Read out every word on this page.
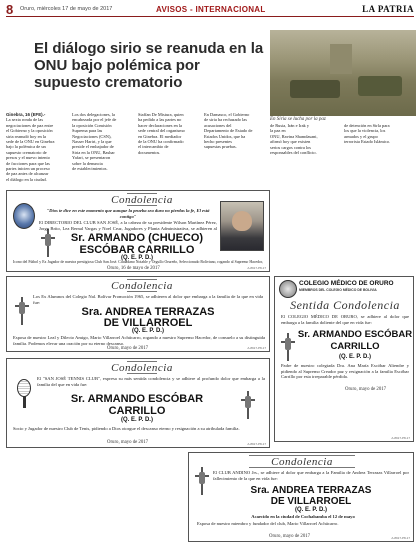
8 Oruro, miércoles 17 de mayo de 2017	AVISOS - INTERNACIONAL	LA PATRIA
El diálogo sirio se reanuda en la ONU bajo polémica por supuesto crematorio
En Siria se lucha por la paz
Ginebra, 16 (EFE).-
La sexta ronda de las
negociaciones de paz entre
el Gobierno y la oposición
siria reanudó hoy en la
sede de la ONU en Ginebra
bajo la polémica de un
supuesto crematorio de
presos y el nuevo intento
de facciones para que las
partes inicien un proceso
de paz antes de alcanzar
el diálogo en la ciudad.
Los dos delegaciones, la
encabezada por el jefe de
la oposición Comisión
Suprema para las
Negociaciones (CSN),
Nasser Hariri, y la que
preside el embajador de
Siria en la ONU, Bashar
Yafari, se presentaron
sobre la denuncia
de establecimientos.
Staffan De Mistura, quien
ha pedido a las partes no
hacer declaraciones en la
sede central del organismo
en Ginebra. El mediador
de la ONU ha confirmado
el intercambio de
documentos.
En Damasco, el Gobierno
de siria ha rechazado las
acusaciones del
Departamento de Estado de
Estados Unidos, que ha
hecho presentes
supuestas pruebas.
de Rusia, Irán e Irak y
la paz en
ONU, Ravina Shamdasani,
afirmó hoy que existen
serios cargos contra los
responsables del conflicto.
de detención en Sirla para
los que la violencia, los
armados y el grupo
terrorista Estado Islámico.
Condolencia
"Dios te dice en este momento que aunque la prueba sea dura no pierdas la fe, El está contigo"
El DIRECTORIO DEL CLUB SAN JOSÉ, a la cabeza de su presidente Wilson Martínez Pérez, Jorge Brito, Lea Bernal Vargas y Noel Cruz, Jugadores y Planta Administrativa, se adhieren al
Sr. ARMANDO (CHUECO) ESCÓBAR CARRILLO
(Q. E. P. D.)
Ícono del Fútbol y Ex Jugador de nuestra prestigiosa Club San José. Ciudadano Notable y Orgullo Orureño, Seleccionado Boliviano, rogando al Supremo Hacedor,
Oruro, 16 de mayo de 2017	A-8917-P8-17
Condolencia
Los Ex Alumnos del Colegio Nal. Bolívar Promoción 1965, se adhieren al dolor que embarga a la familia de la que en vida fue:
Sra. ANDREA TERRAZAS
DE VILLARROEL
(Q. E. P. D.)
Esposa de nuestro Leal y Dilecto Amigo, Mario Villarroel Achúcarro, rogando a nuestro Supremo Hacedor, de consuelo a su distinguida familia. Podemos elevar una oración por su eterno descanso.
Oruro, mayo de 2017	A-8917-P8-17
COLEGIO MÉDICO DE ORURO
MIEMBROS DEL COLEGIO MÉDICO DE BOLIVIA
Sentida Condolencia
El COLEGIO MÉDICO DE ORURO, se adhiere al dolor que embarga a la familia doliente del que en vida fue:
Sr. ARMANDO ESCÓBAR
CARRILLO
(Q. E. P. D.)
Padre de nuestro colegiada Dra. Ana María Escóbar Aliendre y pidiendo al Supremo Creador paz y resignación a la familia Escóbar Carrillo por esta irreparable pérdida.
Oruro, mayo de 2017
A-8917-P8-17
Condolencia
El "SAN JOSÉ TENNIS CLUB", expresa su más sentida condolencia y se adhiere al profundo dolor que embarga a la familia del que en vida fue:
Sr. ARMANDO ESCÓBAR
CARRILLO
(Q. E. P. D.)
Socio y Jugador de nuestro Club de Tenis, pidiendo a Dios otorgue el descanso eterno y resignación a su atribulada familia.
Oruro, mayo de 2017	A-8917-P8-17
Condolencia
El CLUB ANDINO Jrs., se adhiere al dolor que embarga a la Familia de Andrea Terrazas Villarroel por fallecimiento de la que en vida fue:
Sra. ANDREA TERRAZAS
DE VILLARROEL
(Q. E. P. D.)
Acaecido en la ciudad de Cochabamba el 12 de mayo
Esposa de nuestro miembro y fundador del club, Mario Villarroel Achúcarro.
Oruro, mayo de 2017	A-8917-P8-17
